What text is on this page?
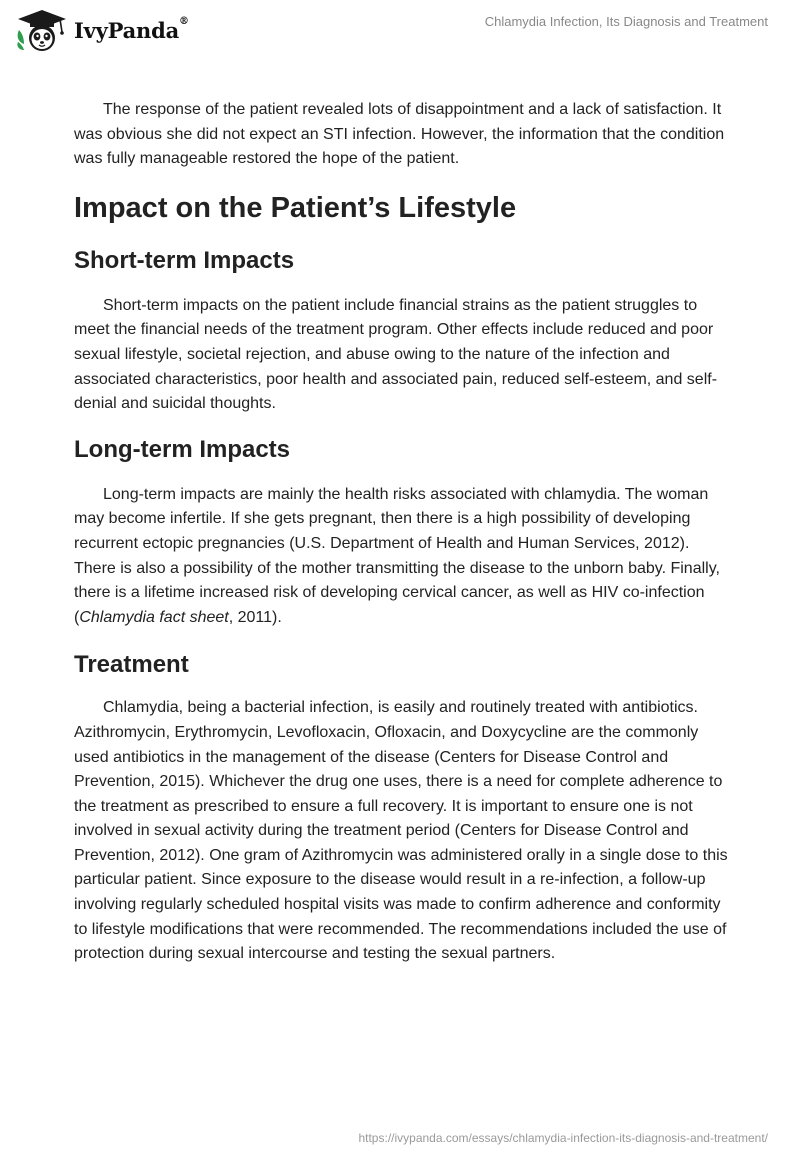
IvyPanda®	Chlamydia Infection, Its Diagnosis and Treatment

The response of the patient revealed lots of disappointment and a lack of satisfaction. It was obvious she did not expect an STI infection. However, the information that the condition was fully manageable restored the hope of the patient.

Impact on the Patient’s Lifestyle
Short-term Impacts

Short-term impacts on the patient include financial strains as the patient struggles to meet the financial needs of the treatment program. Other effects include reduced and poor sexual lifestyle, societal rejection, and abuse owing to the nature of the infection and associated characteristics, poor health and associated pain, reduced self-esteem, and self-denial and suicidal thoughts.

Long-term Impacts

Long-term impacts are mainly the health risks associated with chlamydia. The woman may become infertile. If she gets pregnant, then there is a high possibility of developing recurrent ectopic pregnancies (U.S. Department of Health and Human Services, 2012). There is also a possibility of the mother transmitting the disease to the unborn baby. Finally, there is a lifetime increased risk of developing cervical cancer, as well as HIV co-infection (Chlamydia fact sheet, 2011).

Treatment

Chlamydia, being a bacterial infection, is easily and routinely treated with antibiotics. Azithromycin, Erythromycin, Levofloxacin, Ofloxacin, and Doxycycline are the commonly used antibiotics in the management of the disease (Centers for Disease Control and Prevention, 2015). Whichever the drug one uses, there is a need for complete adherence to the treatment as prescribed to ensure a full recovery. It is important to ensure one is not involved in sexual activity during the treatment period (Centers for Disease Control and Prevention, 2012). One gram of Azithromycin was administered orally in a single dose to this particular patient. Since exposure to the disease would result in a re-infection, a follow-up involving regularly scheduled hospital visits was made to confirm adherence and conformity to lifestyle modifications that were recommended. The recommendations included the use of protection during sexual intercourse and testing the sexual partners.

https://ivypanda.com/essays/chlamydia-infection-its-diagnosis-and-treatment/
